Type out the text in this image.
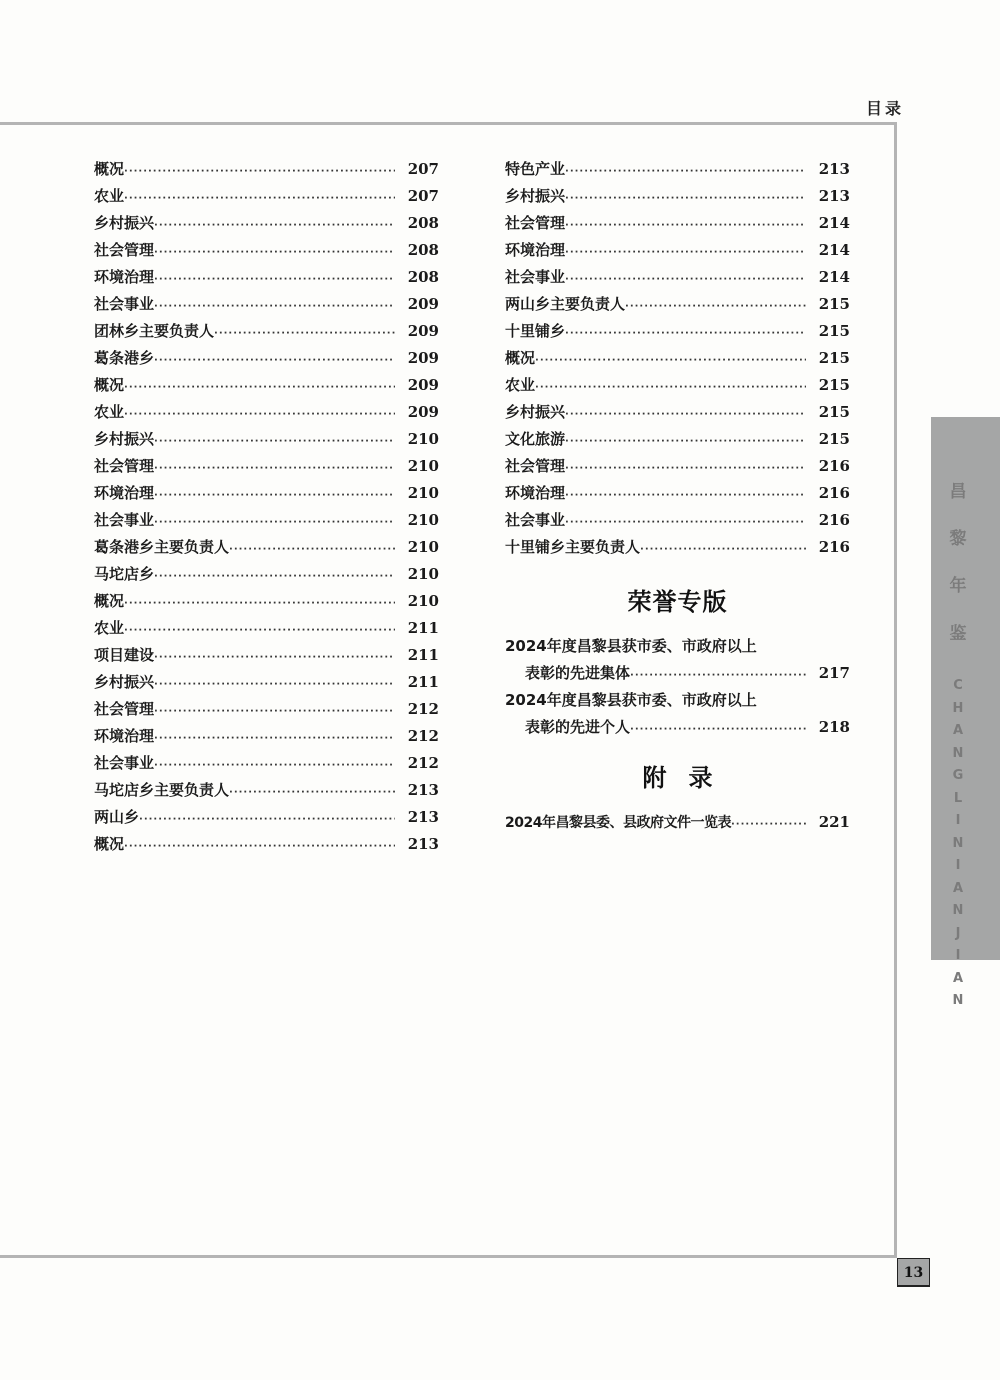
目录
概况 ·····	207
农业 ·····	207
乡村振兴 ·····	208
社会管理 ·····	208
环境治理 ·····	208
社会事业 ·····	209
团林乡主要负责人 ·····	209
葛条港乡 ·····	209
概况 ·····	209
农业 ·····	209
乡村振兴 ·····	210
社会管理 ·····	210
环境治理 ·····	210
社会事业 ·····	210
葛条港乡主要负责人 ·····	210
马坨店乡 ·····	210
概况 ·····	210
农业 ·····	211
项目建设 ·····	211
乡村振兴 ·····	211
社会管理 ·····	212
环境治理 ·····	212
社会事业 ·····	212
马坨店乡主要负责人 ·····	213
两山乡 ·····	213
概况 ·····	213
特色产业 ·····	213
乡村振兴 ·····	213
社会管理 ·····	214
环境治理 ·····	214
社会事业 ·····	214
两山乡主要负责人 ·····	215
十里铺乡 ·····	215
概况 ·····	215
农业 ·····	215
乡村振兴 ·····	215
文化旅游 ·····	215
社会管理 ·····	216
环境治理 ·····	216
社会事业 ·····	216
十里铺乡主要负责人 ·····	216
荣誉专版
2024年度昌黎县获市委、市政府以上
表彰的先进集体 ·····	217
2024年度昌黎县获市委、市政府以上
表彰的先进个人 ·····	218
附录
2024年昌黎县委、县政府文件一览表 ·····	221
昌
黎
年
鉴
C
H
A
N
G
L
I
N
I
A
N
J
I
A
N
13
